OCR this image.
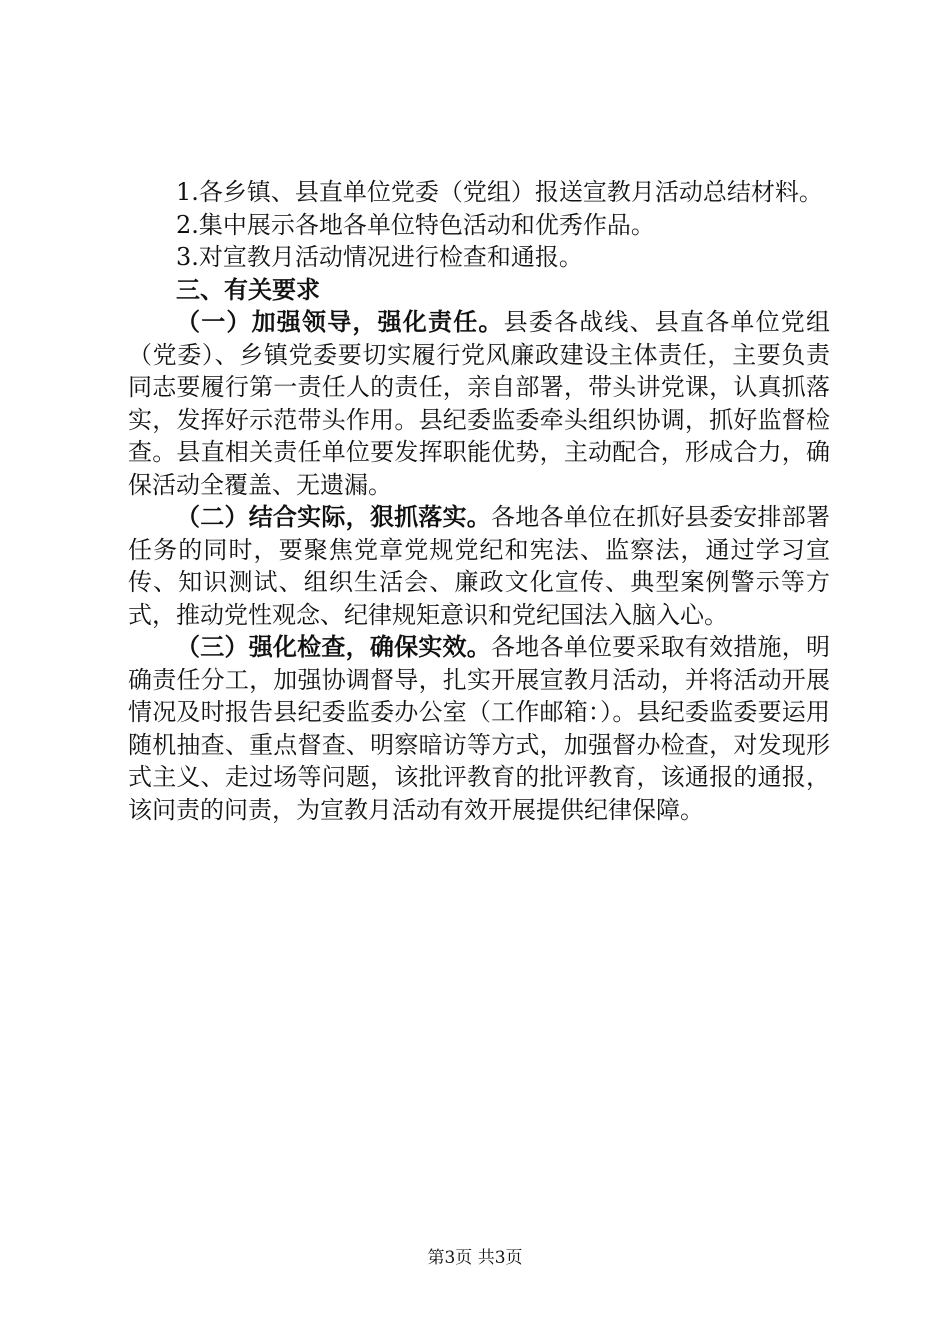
1.各乡镇、县直单位党委（党组）报送宣教月活动总结材料。

2.集中展示各地各单位特色活动和优秀作品。

3.对宣教月活动情况进行检查和通报。

三、有关要求

（一）加强领导，强化责任。县委各战线、县直各单位党组（党委）、乡镇党委要切实履行党风廉政建设主体责任，主要负责同志要履行第一责任人的责任，亲自部署，带头讲党课，认真抓落实，发挥好示范带头作用。县纪委监委牵头组织协调，抓好监督检查。县直相关责任单位要发挥职能优势，主动配合，形成合力，确保活动全覆盖、无遗漏。

（二）结合实际，狠抓落实。各地各单位在抓好县委安排部署任务的同时，要聚焦党章党规党纪和宪法、监察法，通过学习宣传、知识测试、组织生活会、廉政文化宣传、典型案例警示等方式，推动党性观念、纪律规矩意识和党纪国法入脑入心。

（三）强化检查，确保实效。各地各单位要采取有效措施，明确责任分工，加强协调督导，扎实开展宣教月活动，并将活动开展情况及时报告县纪委监委办公室（工作邮箱：）。县纪委监委要运用随机抽查、重点督查、明察暗访等方式，加强督办检查，对发现形式主义、走过场等问题，该批评教育的批评教育，该通报的通报，该问责的问责，为宣教月活动有效开展提供纪律保障。

第3页 共3页
